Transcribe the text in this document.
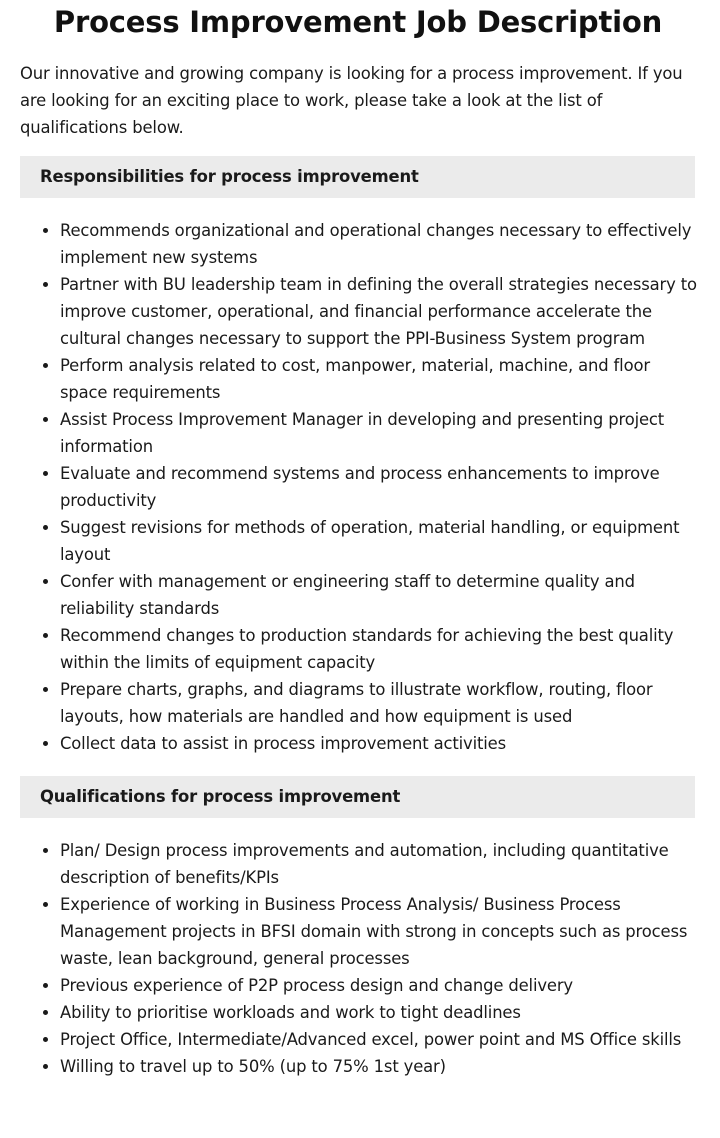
Process Improvement Job Description

Our innovative and growing company is looking for a process improvement. If you are looking for an exciting place to work, please take a look at the list of qualifications below.

Responsibilities for process improvement
• Recommends organizational and operational changes necessary to effectively implement new systems
• Partner with BU leadership team in defining the overall strategies necessary to improve customer, operational, and financial performance accelerate the cultural changes necessary to support the PPI-Business System program
• Perform analysis related to cost, manpower, material, machine, and floor space requirements
• Assist Process Improvement Manager in developing and presenting project information
• Evaluate and recommend systems and process enhancements to improve productivity
• Suggest revisions for methods of operation, material handling, or equipment layout
• Confer with management or engineering staff to determine quality and reliability standards
• Recommend changes to production standards for achieving the best quality within the limits of equipment capacity
• Prepare charts, graphs, and diagrams to illustrate workflow, routing, floor layouts, how materials are handled and how equipment is used
• Collect data to assist in process improvement activities
Qualifications for process improvement
• Plan/ Design process improvements and automation, including quantitative description of benefits/KPIs
• Experience of working in Business Process Analysis/ Business Process Management projects in BFSI domain with strong in concepts such as process waste, lean background, general processes
• Previous experience of P2P process design and change delivery
• Ability to prioritise workloads and work to tight deadlines
• Project Office, Intermediate/Advanced excel, power point and MS Office skills
• Willing to travel up to 50% (up to 75% 1st year)
